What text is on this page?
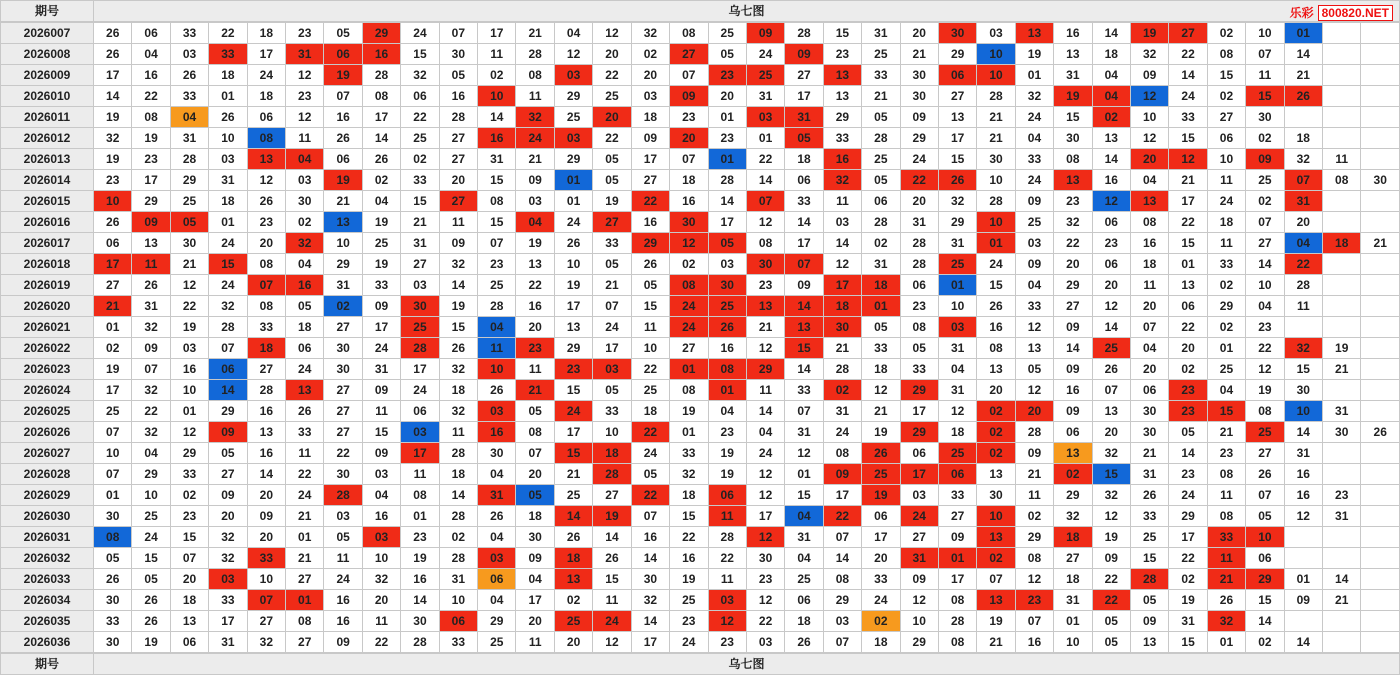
期号	乌七图	乐彩 800820.NET
2026007	26	06	33	22	18	23	05	29	24	07	17	21	04	12	32	08	25	09	28	15	31	20	30	03	13	16	14	19	27	02	10	01		
2026008	26	04	03	33	17	31	06	16	15	30	11	28	12	20	02	27	05	24	09	23	25	21	29	10	19	13	18	32	22	08	07	14		
2026009	17	16	26	18	24	12	19	28	32	05	02	08	03	22	20	07	23	25	27	13	33	30	06	10	01	31	04	09	14	15	11	21		
2026010	14	22	33	01	18	23	07	08	06	16	10	11	29	25	03	09	20	31	17	13	21	30	27	28	32	19	04	12	24	02	15	26		
2026011	19	08	04	26	06	12	16	17	22	28	14	32	25	20	18	23	01	03	31	29	05	09	13	21	24	15	02	10	33	27	30			
2026012	32	19	31	10	08	11	26	14	25	27	16	24	03	22	09	20	23	01	05	33	28	29	17	21	04	30	13	12	15	06	02	18		
2026013	19	23	28	03	13	04	06	26	02	27	31	21	29	05	17	07	01	22	18	16	25	24	15	30	33	08	14	20	12	10	09	32	11	
2026014	23	17	29	31	12	03	19	02	33	20	15	09	01	05	27	18	28	14	06	32	05	22	26	10	24	13	16	04	21	11	25	07	08	30
2026015	10	29	25	18	26	30	21	04	15	27	08	03	01	19	22	16	14	07	33	11	06	20	32	28	09	23	12	13	17	24	02	31		
2026016	26	09	05	01	23	02	13	19	21	11	15	04	24	27	16	30	17	12	14	03	28	31	29	10	25	32	06	08	22	18	07	20		
2026017	06	13	30	24	20	32	10	25	31	09	07	19	26	33	29	12	05	08	17	14	02	28	31	01	03	22	23	16	15	11	27	04	18	21
2026018	17	11	21	15	08	04	29	19	27	32	23	13	10	05	26	02	03	30	07	12	31	28	25	24	09	20	06	18	01	33	14	22		
2026019	27	26	12	24	07	16	31	33	03	14	25	22	19	21	05	08	30	23	09	17	18	06	01	15	04	29	20	11	13	02	10	28		
2026020	21	31	22	32	08	05	02	09	30	19	28	16	17	07	15	24	25	13	14	18	01	23	10	26	33	27	12	20	06	29	04	11		
2026021	01	32	19	28	33	18	27	17	25	15	04	20	13	24	11	24	26	21	13	30	05	08	03	16	12	09	14	07	22	02	23			
2026022	02	09	03	07	18	06	30	24	28	26	11	23	29	17	10	27	16	12	15	21	33	05	31	08	13	14	25	04	20	01	22	32	19	
2026023	19	07	16	06	27	24	30	31	17	32	10	11	23	03	22	01	08	29	14	28	18	33	04	13	05	09	26	20	02	25	12	15	21	
2026024	17	32	10	14	28	13	27	09	24	18	26	21	15	05	25	08	01	11	33	02	12	29	31	20	12	16	07	06	23	04	19	30		
2026025	25	22	01	29	16	26	27	11	06	32	03	05	24	33	18	19	04	14	07	31	21	17	12	02	20	09	13	30	23	15	08	10	31	
2026026	07	32	12	09	13	33	27	15	03	11	16	08	17	10	22	01	23	04	31	24	19	29	18	02	28	06	20	30	05	21	25	14	30	26
2026027	10	04	29	05	16	11	22	09	17	28	30	07	15	18	24	33	19	24	12	08	26	06	25	02	09	13	32	21	14	23	27	31		
2026028	07	29	33	27	14	22	30	03	11	18	04	20	21	28	05	32	19	12	01	09	25	17	06	13	21	02	15	31	23	08	26	16		
2026029	01	10	02	09	20	24	28	04	08	14	31	05	25	27	22	18	06	12	15	17	19	03	33	30	11	29	32	26	24	11	07	16	23	
2026030	30	25	23	20	09	21	03	16	01	28	26	18	14	19	07	15	11	17	04	22	06	24	27	10	02	32	12	33	29	08	05	12	31	
2026031	08	24	15	32	20	01	05	03	23	02	04	30	26	14	16	22	28	12	31	07	17	27	09	13	29	18	19	25	17	33	10			
2026032	05	15	07	32	33	21	11	10	19	28	03	09	18	26	14	16	22	30	04	14	20	31	01	02	08	27	09	15	22	11	06			
2026033	26	05	20	03	10	27	24	32	16	31	06	04	13	15	30	19	11	23	25	08	33	09	17	07	12	18	22	28	02	21	29	01	14	
2026034	30	26	18	33	07	01	16	20	14	10	04	17	02	11	32	25	03	12	06	29	24	12	08	13	23	31	22	05	19	26	15	09	21	
2026035	33	26	13	17	27	08	16	11	30	06	29	20	25	24	14	23	12	22	18	03	02	10	28	19	07	01	05	09	31	32	14			
2026036	30	19	06	31	32	27	09	22	28	33	25	11	20	12	17	24	23	03	26	07	18	29	08	21	16	10	05	13	15	01	02	14		
期号	乌七图
